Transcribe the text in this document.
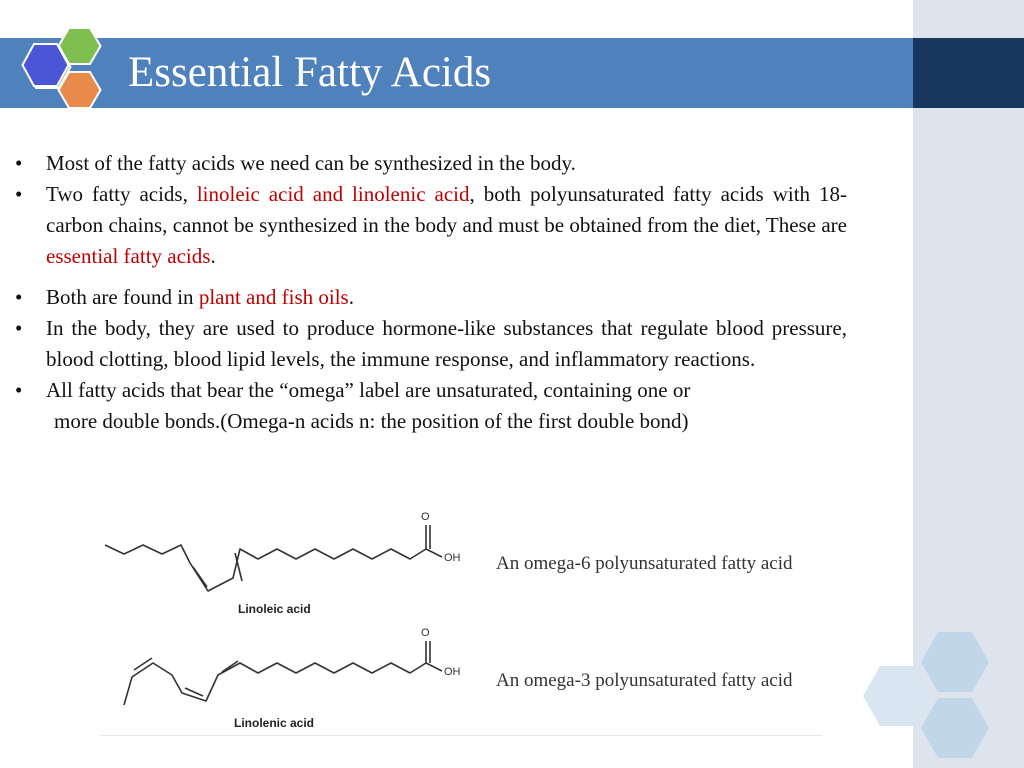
Essential Fatty Acids
• Most of the fatty acids we need can be synthesized in the body.
• Two fatty acids, linoleic acid and linolenic acid, both polyunsaturated fatty acids with 18-carbon chains, cannot be synthesized in the body and must be obtained from the diet, These are essential fatty acids.
• Both are found in plant and fish oils.
• In the body, they are used to produce hormone-like substances that regulate blood pressure, blood clotting, blood lipid levels, the immune response, and inflammatory reactions.
• All fatty acids that bear the “omega” label are unsaturated, containing one or
more double bonds.(Omega-n acids n: the position of the first double bond)
O
OH
Linoleic acid
An omega-6 polyunsaturated fatty acid
O
OH
Linolenic acid
An omega-3 polyunsaturated fatty acid
